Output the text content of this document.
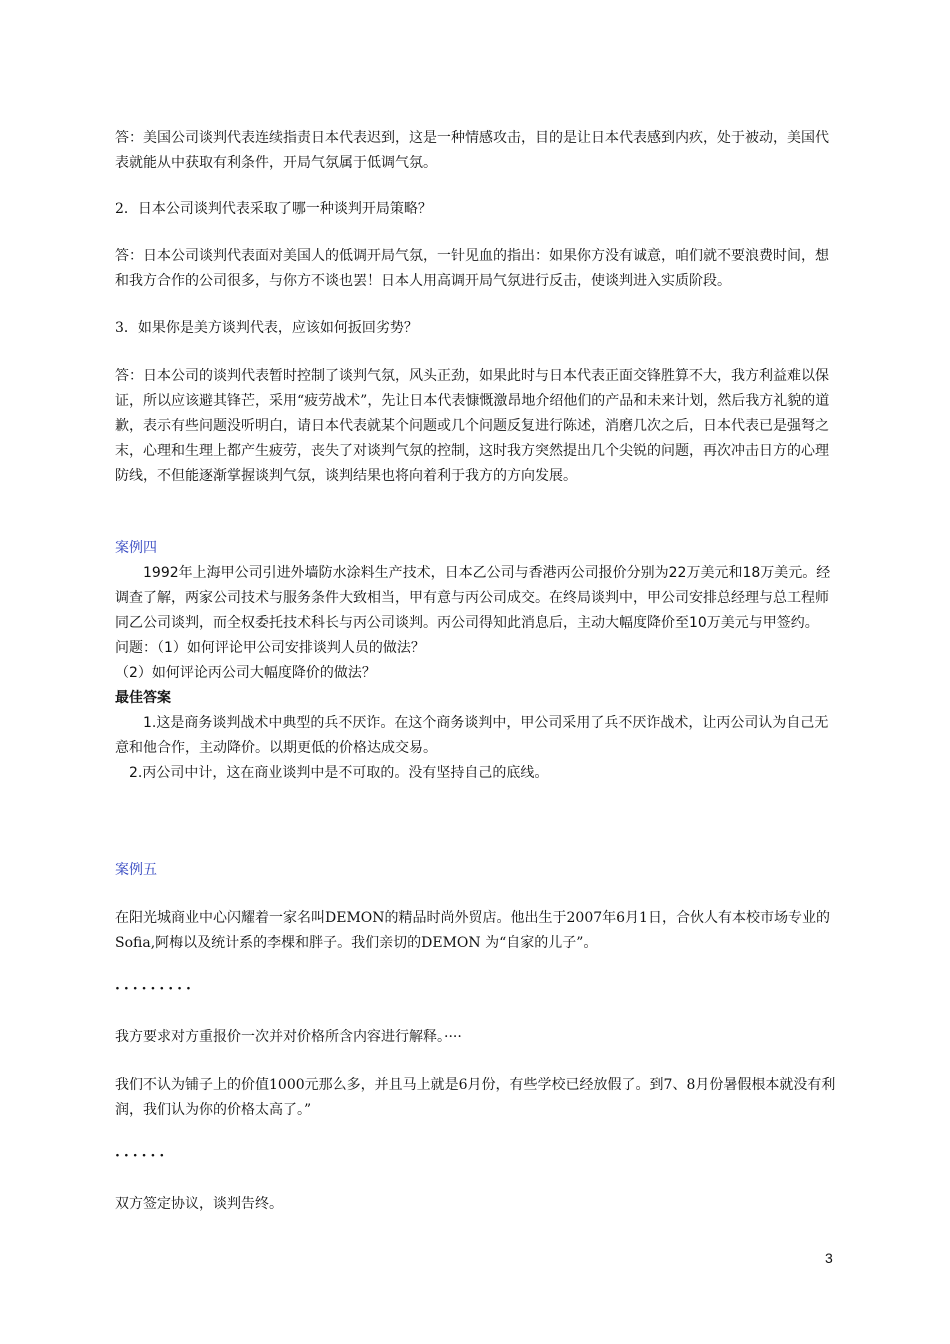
答：美国公司谈判代表连续指责日本代表迟到，这是一种情感攻击，目的是让日本代表感到内疚，处于被动，美国代表就能从中获取有利条件，开局气氛属于低调气氛。

2．日本公司谈判代表采取了哪一种谈判开局策略？

答：日本公司谈判代表面对美国人的低调开局气氛，一针见血的指出：如果你方没有诚意，咱们就不要浪费时间，想和我方合作的公司很多，与你方不谈也罢！日本人用高调开局气氛进行反击，使谈判进入实质阶段。

3．如果你是美方谈判代表，应该如何扳回劣势？

答：日本公司的谈判代表暂时控制了谈判气氛，风头正劲，如果此时与日本代表正面交锋胜算不大，我方利益难以保证，所以应该避其锋芒，采用“疲劳战术”，先让日本代表慷慨激昂地介绍他们的产品和未来计划，然后我方礼貌的道歉，表示有些问题没听明白，请日本代表就某个问题或几个问题反复进行陈述，消磨几次之后，日本代表已是强弩之末，心理和生理上都产生疲劳，丧失了对谈判气氛的控制，这时我方突然提出几个尖锐的问题，再次冲击日方的心理防线，不但能逐渐掌握谈判气氛，谈判结果也将向着利于我方的方向发展。

案例四
1992年上海甲公司引进外墙防水涂料生产技术，日本乙公司与香港丙公司报价分别为22万美元和18万美元。经调查了解，两家公司技术与服务条件大致相当，甲有意与丙公司成交。在终局谈判中，甲公司安排总经理与总工程师同乙公司谈判，而全权委托技术科长与丙公司谈判。丙公司得知此消息后，主动大幅度降价至10万美元与甲签约。
问题：（1）如何评论甲公司安排谈判人员的做法？
（2）如何评论丙公司大幅度降价的做法？
最佳答案
1.这是商务谈判战术中典型的兵不厌诈。在这个商务谈判中，甲公司采用了兵不厌诈战术，让丙公司认为自己无意和他合作，主动降价。以期更低的价格达成交易。
2.丙公司中计，这在商业谈判中是不可取的。没有坚持自己的底线。
案例五

在阳光城商业中心闪耀着一家名叫DEMON的精品时尚外贸店。他出生于2007年6月1日，合伙人有本校市场专业的Sofia,阿梅以及统计系的李棵和胖子。我们亲切的DEMON 为“自家的儿子”。

·········

我方要求对方重报价一次并对价格所含内容进行解释。····

我们不认为铺子上的价值1000元那么多，并且马上就是6月份，有些学校已经放假了。到7、8月份暑假根本就没有利润，我们认为你的价格太高了。”

······

双方签定协议，谈判告终。

3
